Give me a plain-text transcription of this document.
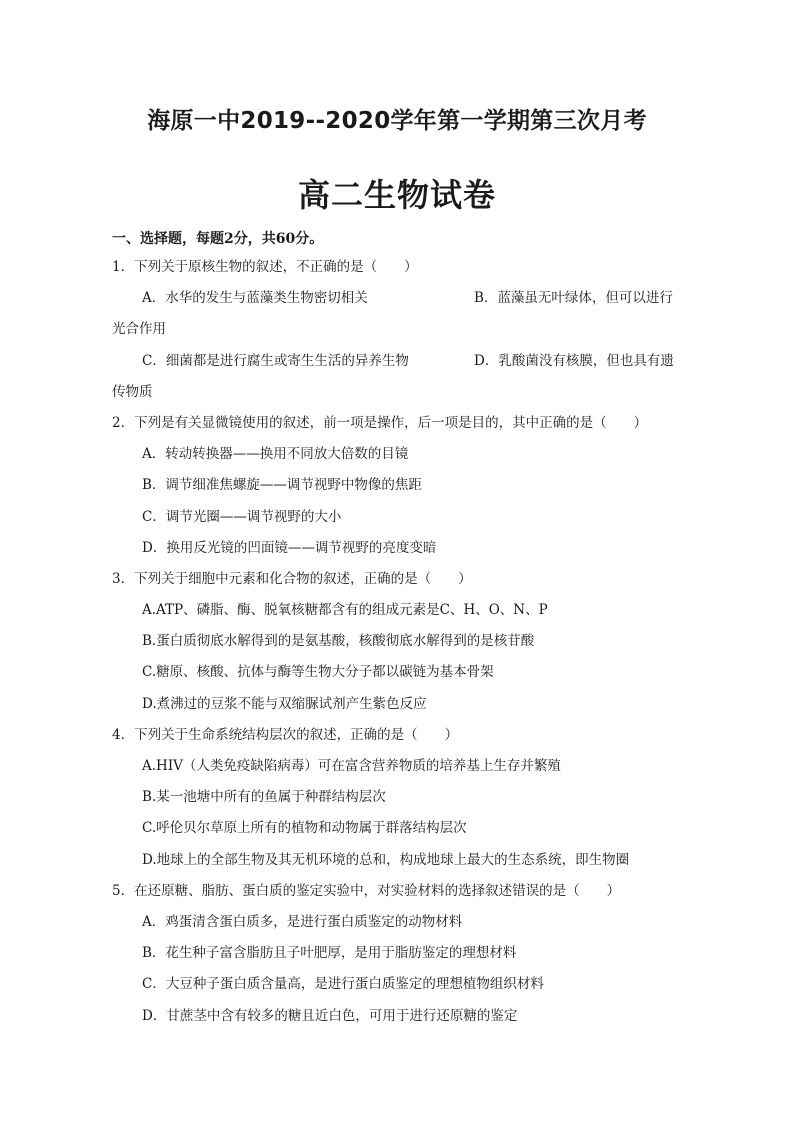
海原一中2019--2020学年第一学期第三次月考
高二生物试卷

一、选择题，每题2分，共60分。

1．下列关于原核生物的叙述，不正确的是（　　）
A．水华的发生与蓝藻类生物密切相关	B．蓝藻虽无叶绿体，但可以进行
光合作用
C．细菌都是进行腐生或寄生生活的异养生物	D．乳酸菌没有核膜，但也具有遗
传物质
2．下列是有关显微镜使用的叙述，前一项是操作，后一项是目的，其中正确的是（　　）
A．转动转换器——换用不同放大倍数的目镜
B．调节细准焦螺旋——调节视野中物像的焦距
C．调节光圈——调节视野的大小
D．换用反光镜的凹面镜——调节视野的亮度变暗
3．下列关于细胞中元素和化合物的叙述，正确的是（　　）
A.ATP、磷脂、酶、脱氧核糖都含有的组成元素是C、H、O、N、P
B.蛋白质彻底水解得到的是氨基酸，核酸彻底水解得到的是核苷酸
C.糖原、核酸、抗体与酶等生物大分子都以碳链为基本骨架
D.煮沸过的豆浆不能与双缩脲试剂产生紫色反应
4．下列关于生命系统结构层次的叙述，正确的是（　　）
A.HIV（人类免疫缺陷病毒）可在富含营养物质的培养基上生存并繁殖
B.某一池塘中所有的鱼属于种群结构层次
C.呼伦贝尔草原上所有的植物和动物属于群落结构层次
D.地球上的全部生物及其无机环境的总和，构成地球上最大的生态系统，即生物圈
5．在还原糖、脂肪、蛋白质的鉴定实验中，对实验材料的选择叙述错误的是（　　）
A．鸡蛋清含蛋白质多，是进行蛋白质鉴定的动物材料
B．花生种子富含脂肪且子叶肥厚，是用于脂肪鉴定的理想材料
C．大豆种子蛋白质含量高，是进行蛋白质鉴定的理想植物组织材料
D．甘蔗茎中含有较多的糖且近白色，可用于进行还原糖的鉴定
